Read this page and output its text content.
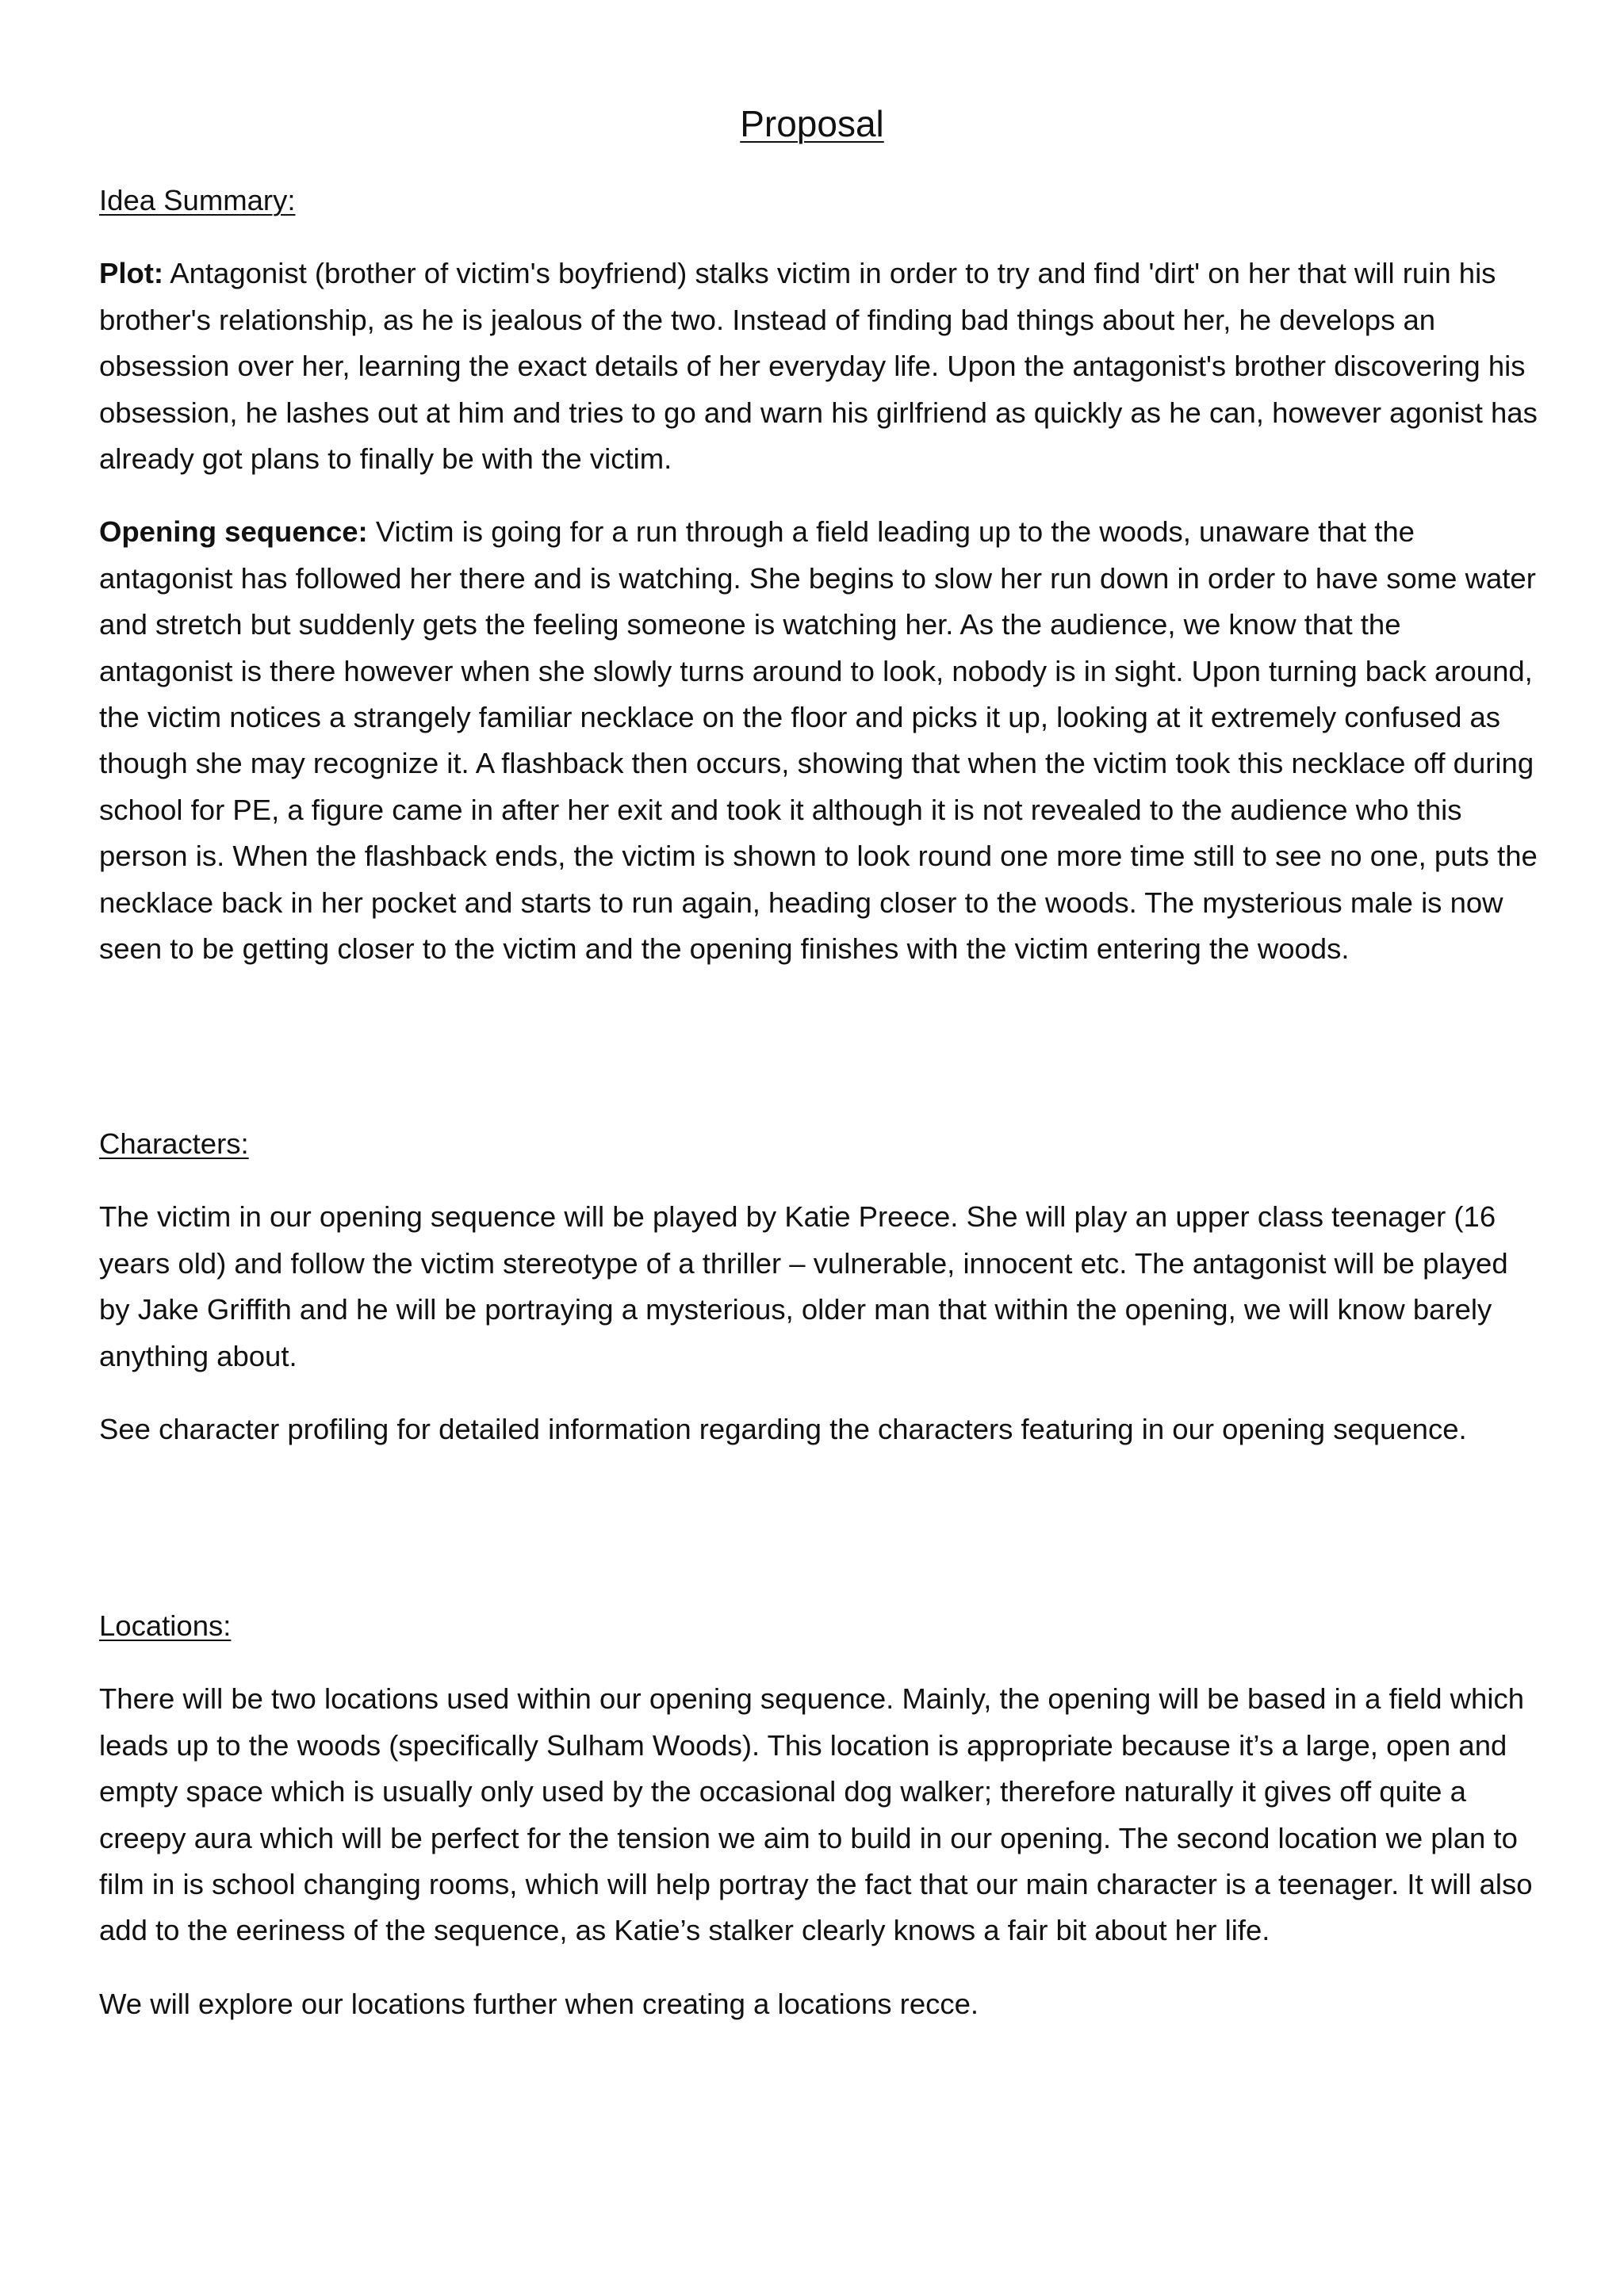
Proposal

Idea Summary:

Plot: Antagonist (brother of victim's boyfriend) stalks victim in order to try and find 'dirt' on her that will ruin his brother's relationship, as he is jealous of the two. Instead of finding bad things about her, he develops an obsession over her, learning the exact details of her everyday life. Upon the antagonist's brother discovering his obsession, he lashes out at him and tries to go and warn his girlfriend as quickly as he can, however agonist has already got plans to finally be with the victim.

Opening sequence: Victim is going for a run through a field leading up to the woods, unaware that the antagonist has followed her there and is watching. She begins to slow her run down in order to have some water and stretch but suddenly gets the feeling someone is watching her. As the audience, we know that the antagonist is there however when she slowly turns around to look, nobody is in sight. Upon turning back around, the victim notices a strangely familiar necklace on the floor and picks it up, looking at it extremely confused as though she may recognize it. A flashback then occurs, showing that when the victim took this necklace off during school for PE, a figure came in after her exit and took it although it is not revealed to the audience who this person is. When the flashback ends, the victim is shown to look round one more time still to see no one, puts the necklace back in her pocket and starts to run again, heading closer to the woods. The mysterious male is now seen to be getting closer to the victim and the opening finishes with the victim entering the woods.

Characters:

The victim in our opening sequence will be played by Katie Preece. She will play an upper class teenager (16 years old) and follow the victim stereotype of a thriller – vulnerable, innocent etc. The antagonist will be played by Jake Griffith and he will be portraying a mysterious, older man that within the opening, we will know barely anything about.

See character profiling for detailed information regarding the characters featuring in our opening sequence.

Locations:

There will be two locations used within our opening sequence. Mainly, the opening will be based in a field which leads up to the woods (specifically Sulham Woods). This location is appropriate because it’s a large, open and empty space which is usually only used by the occasional dog walker; therefore naturally it gives off quite a creepy aura which will be perfect for the tension we aim to build in our opening. The second location we plan to film in is school changing rooms, which will help portray the fact that our main character is a teenager. It will also add to the eeriness of the sequence, as Katie’s stalker clearly knows a fair bit about her life.

We will explore our locations further when creating a locations recce.
